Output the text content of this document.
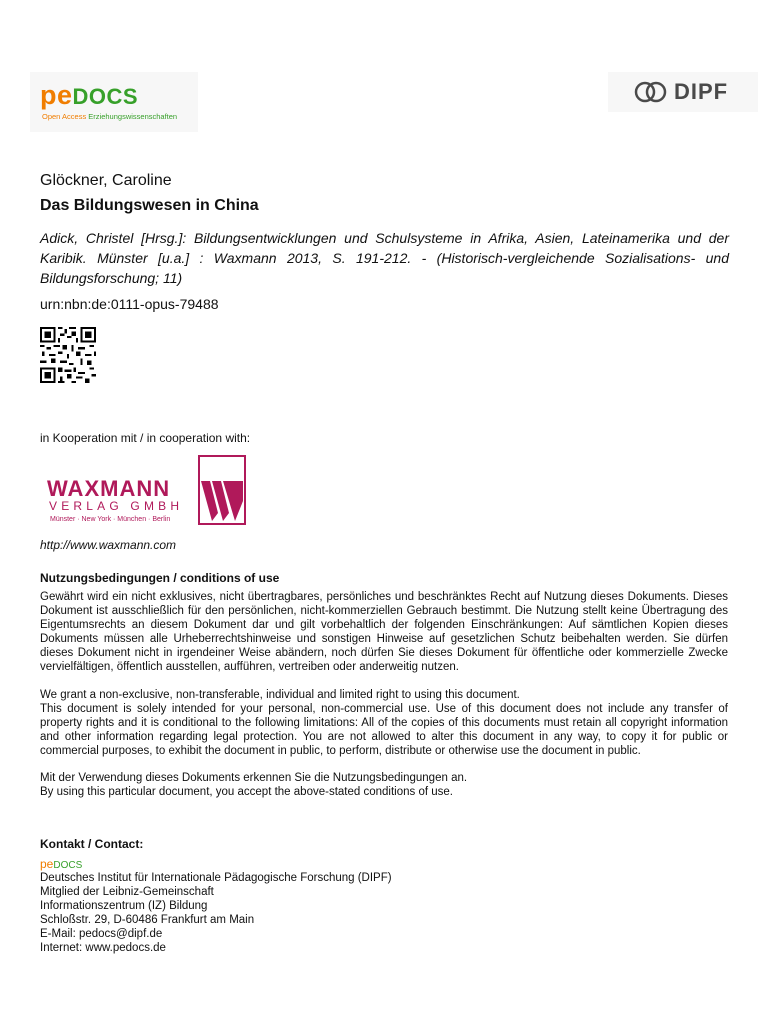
peDOCS
Open Access Erziehungswissenschaften
DIPF
Glöckner, Caroline
Das Bildungswesen in China
Adick, Christel [Hrsg.]: Bildungsentwicklungen und Schulsysteme in Afrika, Asien, Lateinamerika und der Karibik. Münster [u.a.] : Waxmann 2013, S. 191-212. - (Historisch-vergleichende Sozialisations- und Bildungsforschung; 11)
urn:nbn:de:0111-opus-79488
in Kooperation mit / in cooperation with:
WAXMANN
VERLAG GMBH
Münster · New York · München · Berlin
http://www.waxmann.com
Nutzungsbedingungen / conditions of use
Gewährt wird ein nicht exklusives, nicht übertragbares, persönliches und beschränktes Recht auf Nutzung dieses Dokuments. Dieses Dokument ist ausschließlich für den persönlichen, nicht-kommerziellen Gebrauch bestimmt. Die Nutzung stellt keine Übertragung des Eigentumsrechts an diesem Dokument dar und gilt vorbehaltlich der folgenden Einschränkungen: Auf sämtlichen Kopien dieses Dokuments müssen alle Urheberrechtshinweise und sonstigen Hinweise auf gesetzlichen Schutz beibehalten werden. Sie dürfen dieses Dokument nicht in irgendeiner Weise abändern, noch dürfen Sie dieses Dokument für öffentliche oder kommerzielle Zwecke vervielfältigen, öffentlich ausstellen, aufführen, vertreiben oder anderweitig nutzen.
We grant a non-exclusive, non-transferable, individual and limited right to using this document.
This document is solely intended for your personal, non-commercial use. Use of this document does not include any transfer of property rights and it is conditional to the following limitations: All of the copies of this documents must retain all copyright information and other information regarding legal protection. You are not allowed to alter this document in any way, to copy it for public or commercial purposes, to exhibit the document in public, to perform, distribute or otherwise use the document in public.
Mit der Verwendung dieses Dokuments erkennen Sie die Nutzungsbedingungen an.
By using this particular document, you accept the above-stated conditions of use.
Kontakt / Contact:
peDOCS
Deutsches Institut für Internationale Pädagogische Forschung (DIPF)
Mitglied der Leibniz-Gemeinschaft
Informationszentrum (IZ) Bildung
Schloßstr. 29, D-60486 Frankfurt am Main
E-Mail: pedocs@dipf.de
Internet: www.pedocs.de
